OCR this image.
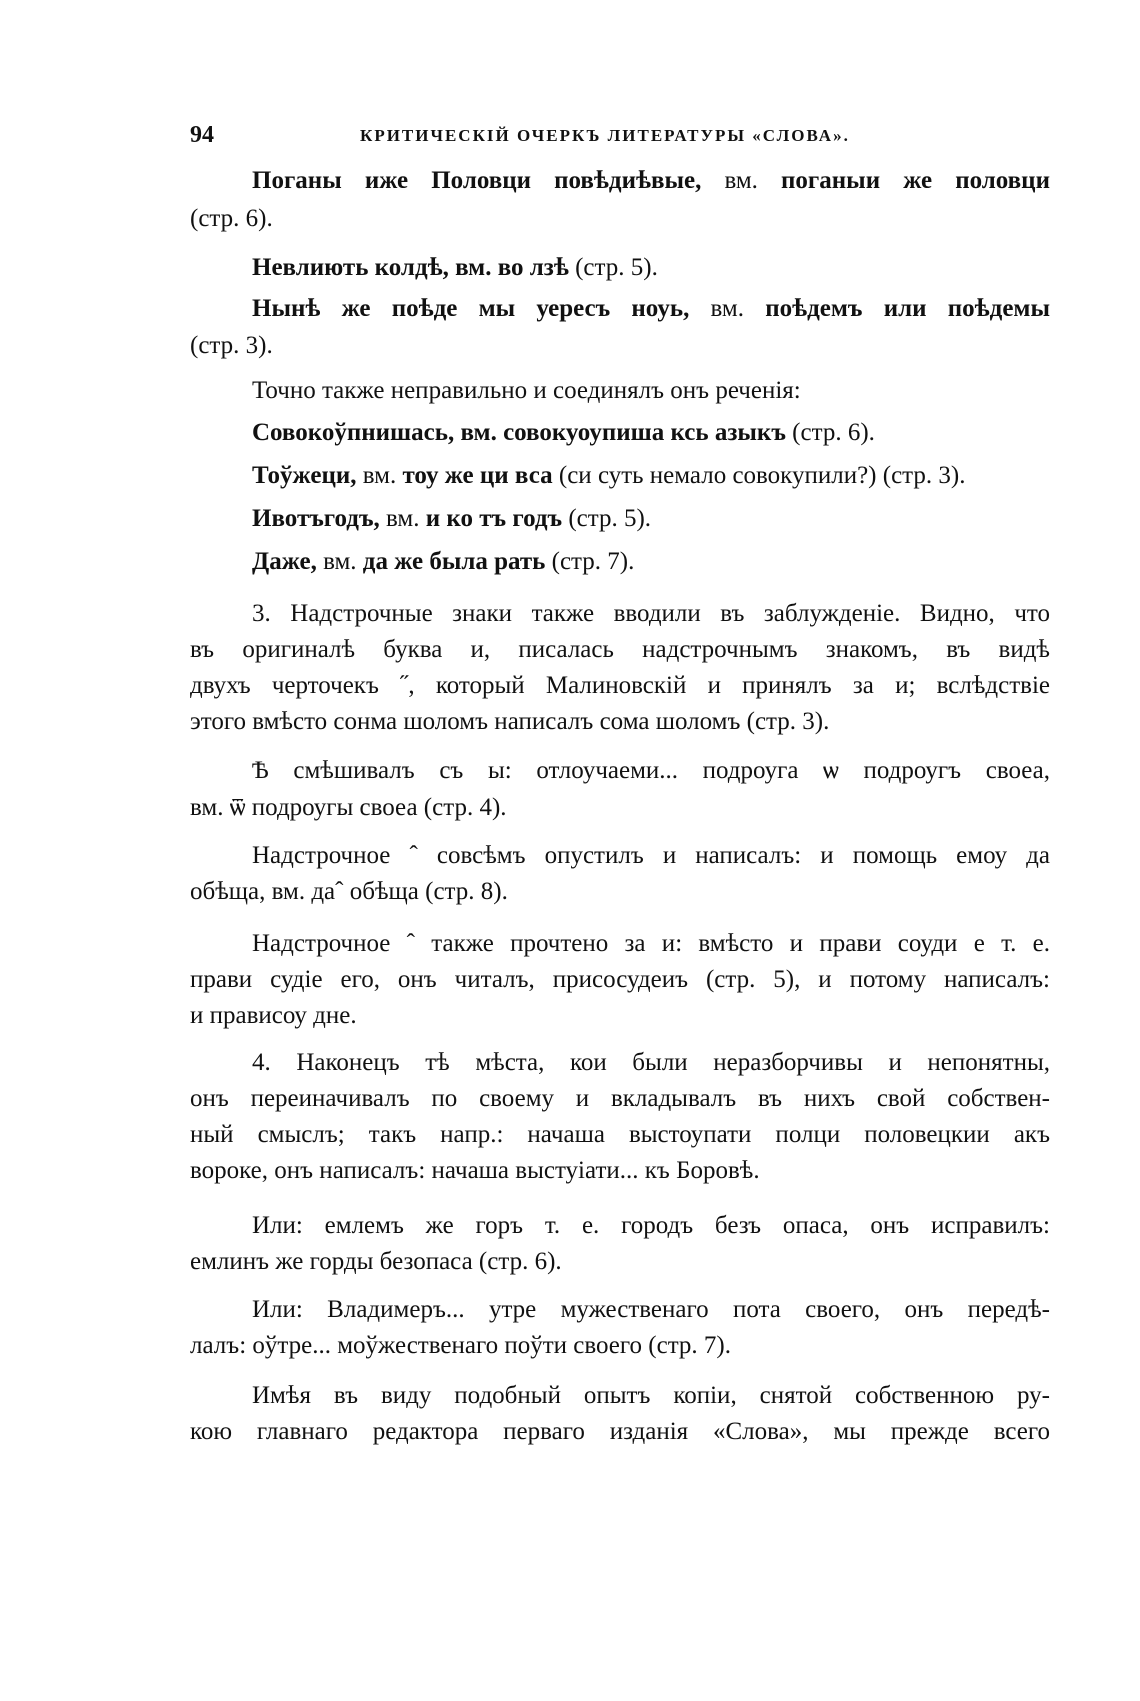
94	КРИТИЧЕСКІЙ ОЧЕРКЪ ЛИТЕРАТУРЫ «СЛОВА».
Поганы иже Половци повѣдиѣвые, вм. поганыи же половци
(стр. 6).
Невлиють колдѣ, вм. во лзѣ (стр. 5).
Нынѣ же поѣде мы уересъ ноуь, вм. поѣдемъ или поѣдемы
(стр. 3).
Точно также неправильно и соединялъ онъ реченія:
Совокоўпнишась, вм. совокуоупиша ксь азыкъ (стр. 6).
Тоўжеци, вм. тоу же ци вса (си суть немало совокупили?) (стр. 3).
Ивотъгодъ, вм. и ко тъ годъ (стр. 5).
Даже, вм. да же была рать (стр. 7).
3. Надстрочные знаки также вводили въ заблужденіе. Видно, что
въ оригиналѣ буква и, писалась надстрочнымъ знакомъ, въ видѣ
двухъ черточекъ ˝, который Малиновскій и принялъ за и; вслѣдствіе
этого вмѣсто сонма шоломъ написалъ сома шоломъ (стр. 3).
Ѣ смѣшивалъ съ ы: отлоучаеми... подроуга ѡ подроугъ своеа,
вм. ѿ подроугы своеа (стр. 4).
Надстрочное ˆ совсѣмъ опустилъ и написалъ: и помощь емоу да
обѣща, вм. даˆ обѣща (стр. 8).
Надстрочное ˆ также прочтено за и: вмѣсто и прави соуди е т. е.
прави судіе его, онъ читалъ, присосудеиъ (стр. 5), и потому написалъ:
и прависоу дне.
4. Наконецъ тѣ мѣста, кои были неразборчивы и непонятны,
онъ переиначивалъ по своему и вкладывалъ въ нихъ свой собствен-
ный смыслъ; такъ напр.: начаша выстоупати полци половецкии акъ
вороке, онъ написалъ: начаша выстуіати... къ Боровѣ.
Или: емлемъ же горъ т. е. городъ безъ опаса, онъ исправилъ:
емлинъ же горды безопаса (стр. 6).
Или: Владимеръ... утре мужественаго пота своего, онъ передѣ-
лалъ: оўтре... моўжественаго поўти своего (стр. 7).
Имѣя въ виду подобный опытъ копіи, снятой собственною ру-
кою главнаго редактора перваго изданія «Слова», мы прежде всего
